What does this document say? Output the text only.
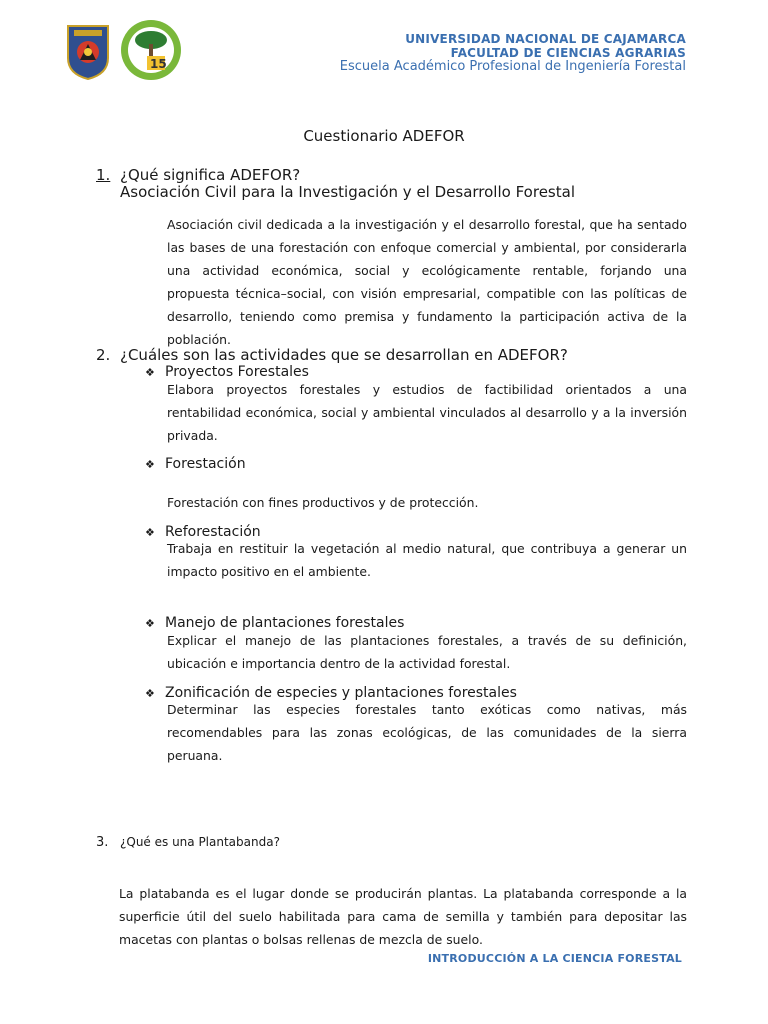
15
UNIVERSIDAD NACIONAL DE CAJAMARCA
FACULTAD DE CIENCIAS AGRARIAS
Escuela Académico Profesional de Ingeniería Forestal
Cuestionario ADEFOR
1. ¿Qué significa ADEFOR?
Asociación Civil para la Investigación y el Desarrollo Forestal
Asociación civil dedicada a la investigación y el desarrollo forestal, que ha sentado las bases de una forestación con enfoque comercial y ambiental, por considerarla una actividad económica, social y ecológicamente rentable, forjando una propuesta técnica–social, con visión empresarial, compatible con las políticas de desarrollo, teniendo como premisa y fundamento la participación activa de la población.
2. ¿Cuáles son las actividades que se desarrollan en ADEFOR?
❖ Proyectos Forestales
Elabora proyectos forestales y estudios de factibilidad orientados a una rentabilidad económica, social y ambiental vinculados al desarrollo y a la inversión privada.
❖ Forestación
Forestación con fines productivos y de protección.
❖ Reforestación
Trabaja en restituir la vegetación al medio natural, que contribuya a generar un impacto positivo en el ambiente.
❖ Manejo de plantaciones forestales
Explicar el manejo de las plantaciones forestales, a través de su definición, ubicación e importancia dentro de la actividad forestal.
❖ Zonificación de especies y plantaciones forestales
Determinar las especies forestales tanto exóticas como nativas, más recomendables para las zonas ecológicas, de las comunidades de la sierra peruana.
3. ¿Qué es una Plantabanda?
La platabanda es el lugar donde se producirán plantas. La platabanda corresponde a la superficie útil del suelo habilitada para cama de semilla y también para depositar las macetas con plantas o bolsas rellenas de mezcla de suelo.
INTRODUCCIÓN A LA CIENCIA FORESTAL
